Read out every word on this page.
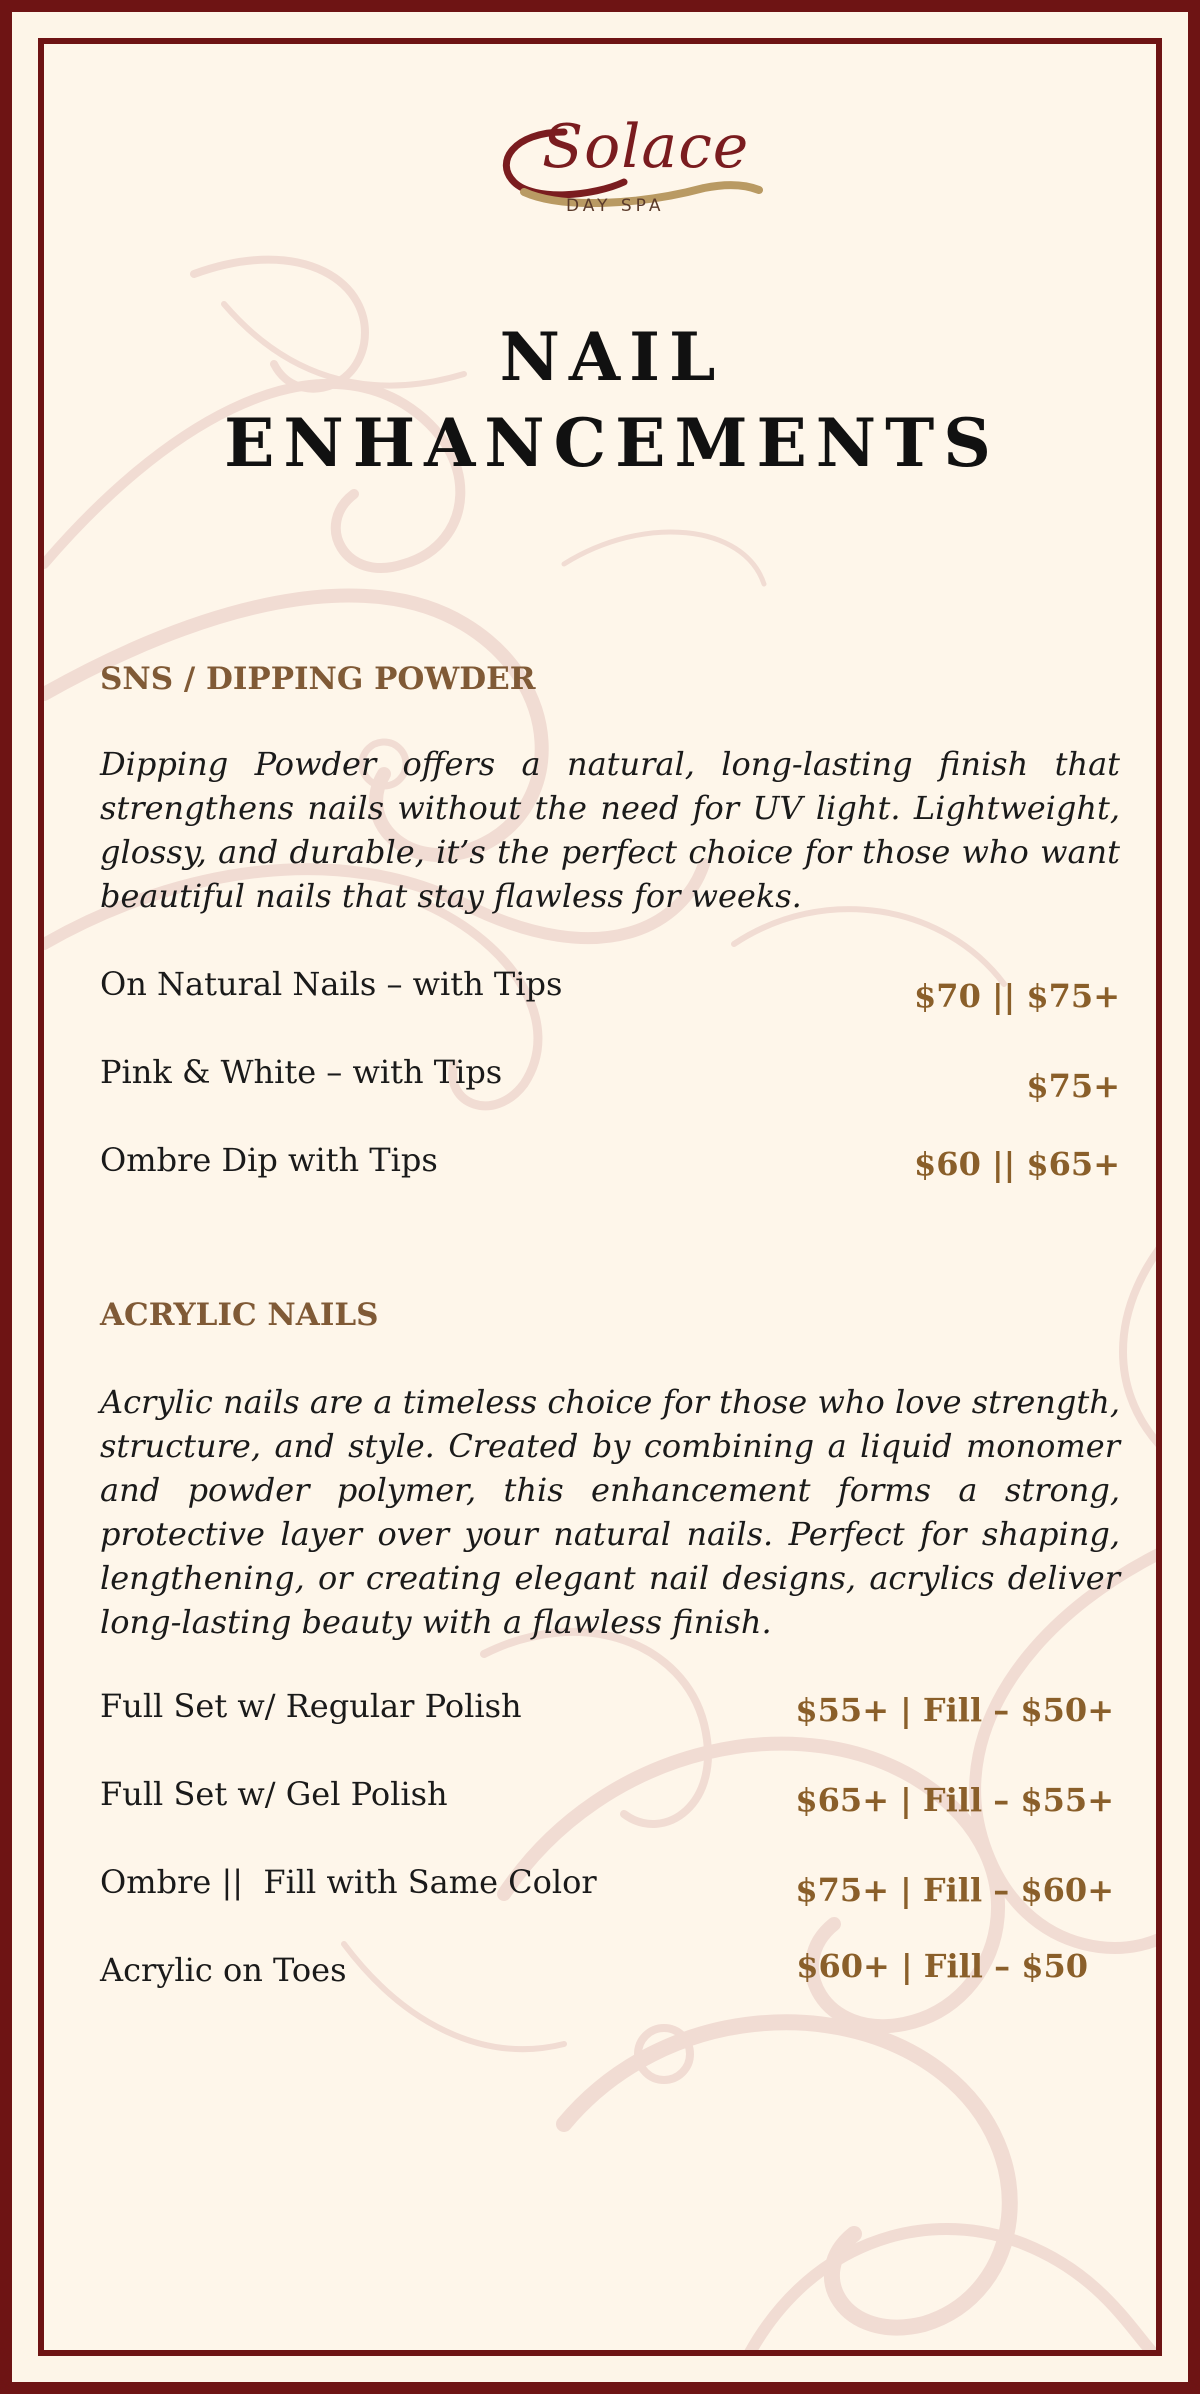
Solace
DAY SPA
NAIL
ENHANCEMENTS
SNS / DIPPING POWDER
Dipping Powder offers a natural, long-lasting finish that strengthens nails without the need for UV light. Lightweight, glossy, and durable, it’s the perfect choice for those who want beautiful nails that stay flawless for weeks.
On Natural Nails – with Tips	$70 || $75+
Pink & White – with Tips	$75+
Ombre Dip with Tips	$60 || $65+
ACRYLIC NAILS
Acrylic nails are a timeless choice for those who love strength, structure, and style. Created by combining a liquid monomer and powder polymer, this enhancement forms a strong, protective layer over your natural nails. Perfect for shaping, lengthening, or creating elegant nail designs, acrylics deliver long-lasting beauty with a flawless finish.
Full Set w/ Regular Polish	$55+ | Fill – $50+
Full Set w/ Gel Polish	$65+ | Fill – $55+
Ombre ||  Fill with Same Color	$75+ | Fill – $60+
Acrylic on Toes	$60+ | Fill – $50
